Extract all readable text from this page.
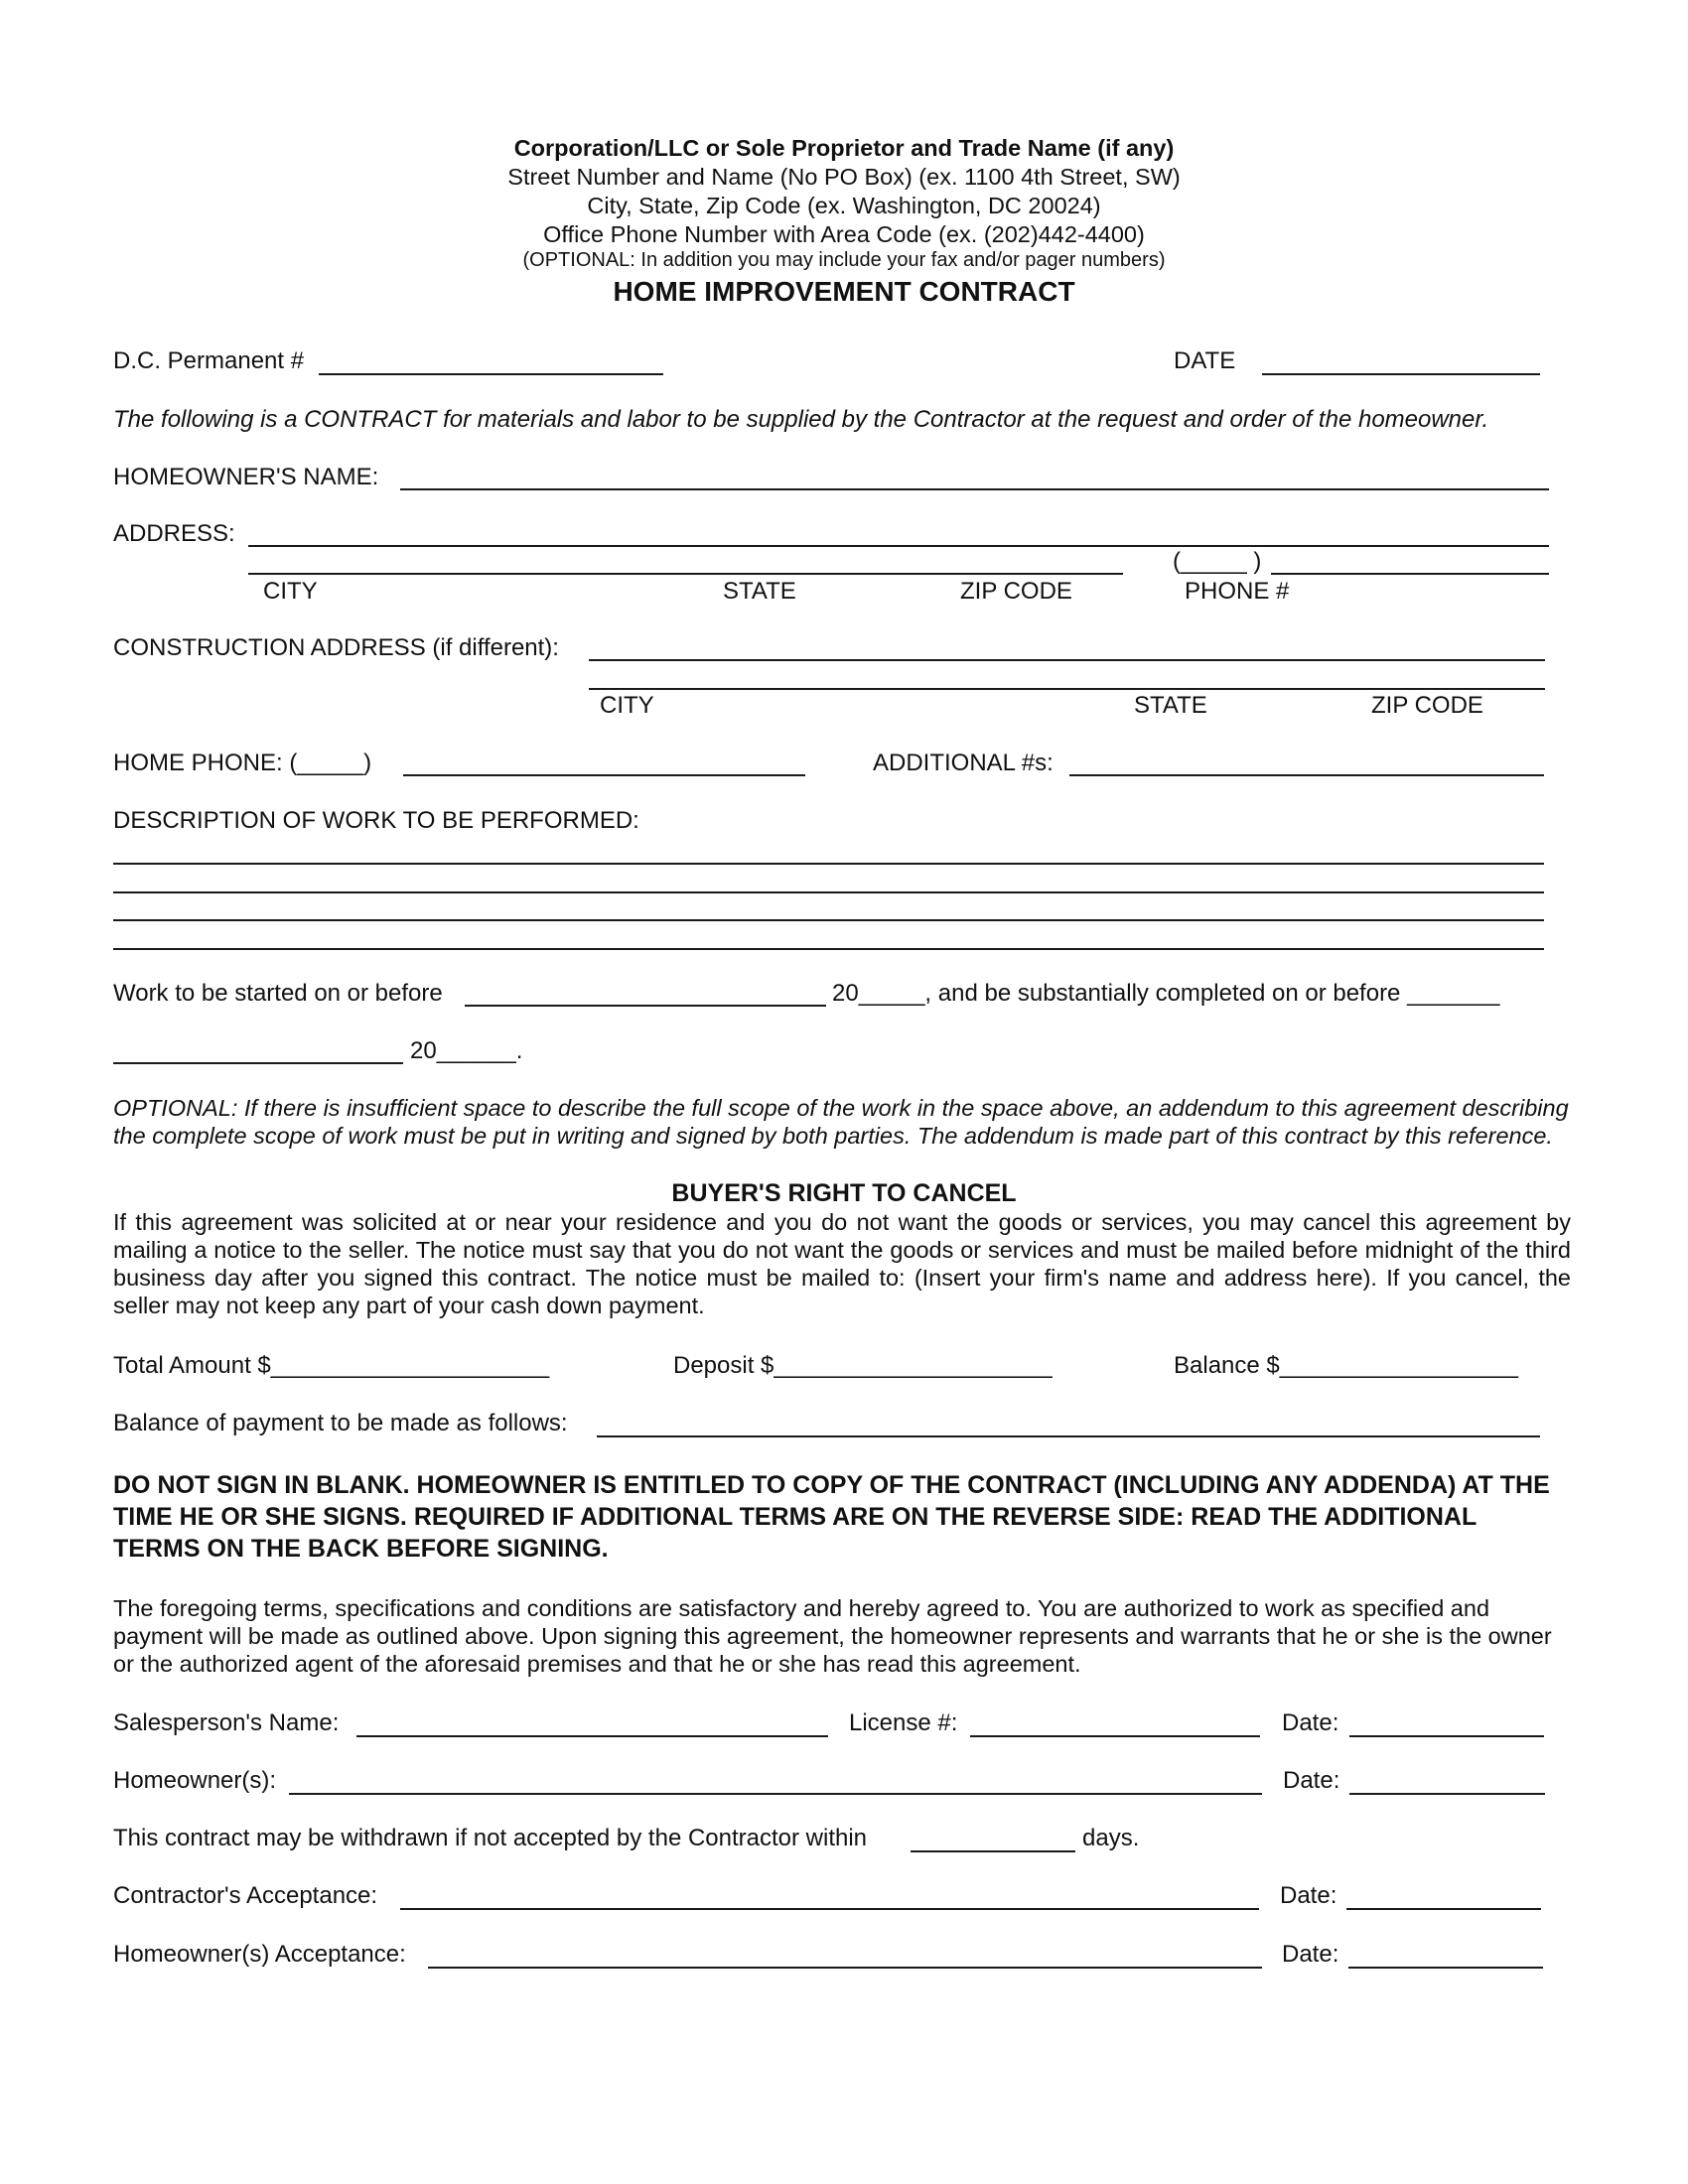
Corporation/LLC or Sole Proprietor and Trade Name (if any)
Street Number and Name (No PO Box) (ex. 1100 4th Street, SW)
City, State, Zip Code (ex. Washington, DC 20024)
Office Phone Number with Area Code (ex. (202)442-4400)
(OPTIONAL: In addition you may include your fax and/or pager numbers)
HOME IMPROVEMENT CONTRACT
D.C. Permanent #	DATE
The following is a CONTRACT for materials and labor to be supplied by the Contractor at the request and order of the homeowner.
HOMEOWNER'S NAME:
ADDRESS:
(_____ )
CITY	STATE	ZIP CODE	PHONE #
CONSTRUCTION ADDRESS (if different):
CITY	STATE	ZIP CODE
HOME PHONE: (_____)	ADDITIONAL #s:
DESCRIPTION OF WORK TO BE PERFORMED:
Work to be started on or before	20_____, and be substantially completed on or before _______
20______.
OPTIONAL: If there is insufficient space to describe the full scope of the work in the space above, an addendum to this agreement describing the complete scope of work must be put in writing and signed by both parties. The addendum is made part of this contract by this reference.
BUYER'S RIGHT TO CANCEL
If this agreement was solicited at or near your residence and you do not want the goods or services, you may cancel this agreement by mailing a notice to the seller. The notice must say that you do not want the goods or services and must be mailed before midnight of the third business day after you signed this contract. The notice must be mailed to: (Insert your firm's name and address here). If you cancel, the seller may not keep any part of your cash down payment.
Total Amount $_____________________	Deposit $_____________________	Balance $__________________
Balance of payment to be made as follows:
DO NOT SIGN IN BLANK. HOMEOWNER IS ENTITLED TO COPY OF THE CONTRACT (INCLUDING ANY ADDENDA) AT THE TIME HE OR SHE SIGNS. REQUIRED IF ADDITIONAL TERMS ARE ON THE REVERSE SIDE: READ THE ADDITIONAL TERMS ON THE BACK BEFORE SIGNING.
The foregoing terms, specifications and conditions are satisfactory and hereby agreed to. You are authorized to work as specified and payment will be made as outlined above. Upon signing this agreement, the homeowner represents and warrants that he or she is the owner or the authorized agent of the aforesaid premises and that he or she has read this agreement.
Salesperson's Name:	License #:	Date:
Homeowner(s):	Date:
This contract may be withdrawn if not accepted by the Contractor within	days.
Contractor's Acceptance:	Date:
Homeowner(s) Acceptance:	Date:
